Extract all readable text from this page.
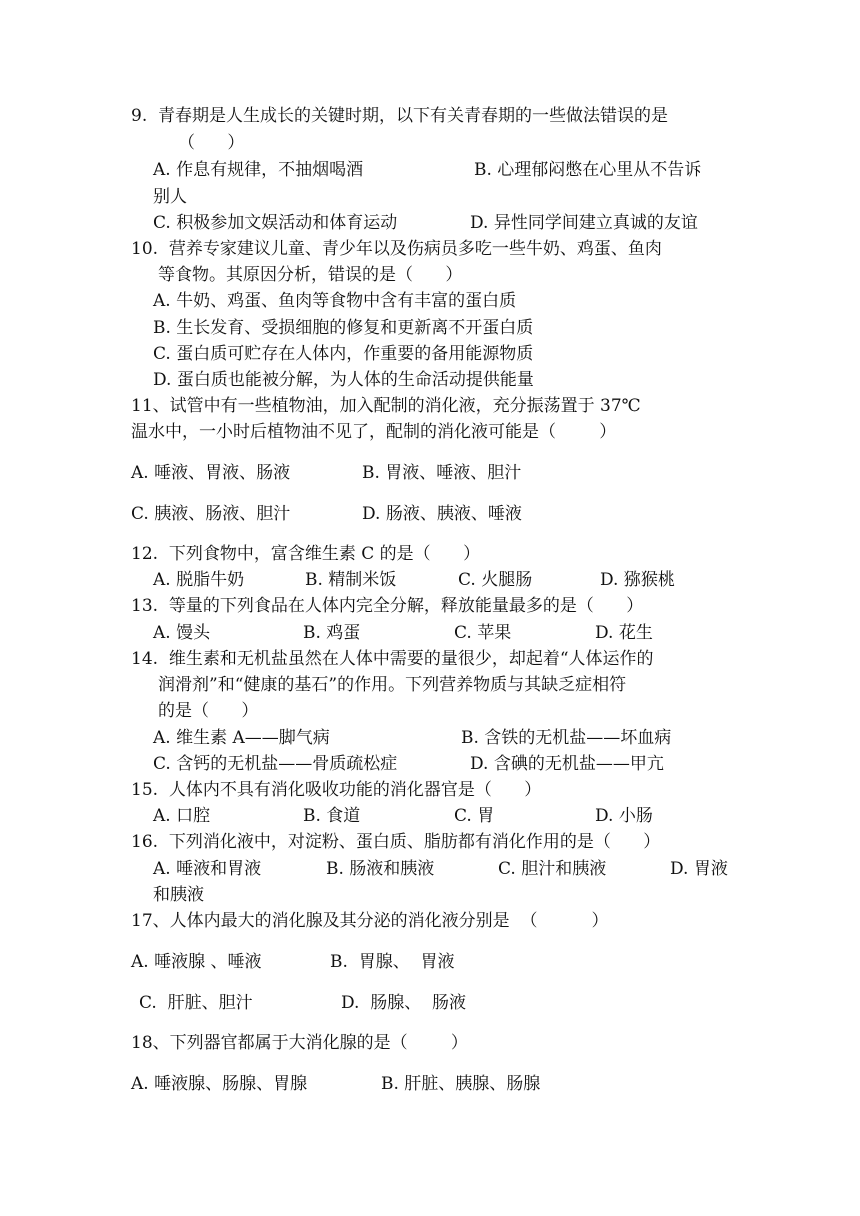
9.  青春期是人生成长的关键时期，以下有关青春期的一些做法错误的是
（      ）
A. 作息有规律，不抽烟喝酒	B. 心理郁闷憋在心里从不告诉
别人
C. 积极参加文娱活动和体育运动	D. 异性同学间建立真诚的友谊
10.  营养专家建议儿童、青少年以及伤病员多吃一些牛奶、鸡蛋、鱼肉
等食物。其原因分析，错误的是（      ）
A. 牛奶、鸡蛋、鱼肉等食物中含有丰富的蛋白质
B. 生长发育、受损细胞的修复和更新离不开蛋白质
C. 蛋白质可贮存在人体内，作重要的备用能源物质
D. 蛋白质也能被分解，为人体的生命活动提供能量
11、试管中有一些植物油，加入配制的消化液，充分振荡置于 37℃
温水中，一小时后植物油不见了，配制的消化液可能是（        ）
A. 唾液、胃液、肠液	B. 胃液、唾液、胆汁
C. 胰液、肠液、胆汁	D. 肠液、胰液、唾液
12.  下列食物中，富含维生素 C 的是（      ）
A. 脱脂牛奶	B. 精制米饭	C. 火腿肠	D. 猕猴桃
13.  等量的下列食品在人体内完全分解，释放能量最多的是（      ）
A. 馒头	B. 鸡蛋	C. 苹果	D. 花生
14.  维生素和无机盐虽然在人体中需要的量很少，却起着“人体运作的
润滑剂”和“健康的基石”的作用。下列营养物质与其缺乏症相符
的是（      ）
A. 维生素 A——脚气病	B. 含铁的无机盐——坏血病
C. 含钙的无机盐——骨质疏松症	D. 含碘的无机盐——甲亢
15.  人体内不具有消化吸收功能的消化器官是（      ）
A. 口腔	B. 食道	C. 胃	D. 小肠
16.  下列消化液中，对淀粉、蛋白质、脂肪都有消化作用的是（      ）
A. 唾液和胃液	B. 肠液和胰液	C. 胆汁和胰液	D. 胃液
和胰液
17、人体内最大的消化腺及其分泌的消化液分别是  （          ）
A. 唾液腺 、唾液	B.  胃腺、  胃液
C.  肝脏、胆汁	D.  肠腺、  肠液
18、下列器官都属于大消化腺的是（        ）
A. 唾液腺、肠腺、胃腺	B. 肝脏、胰腺、肠腺
